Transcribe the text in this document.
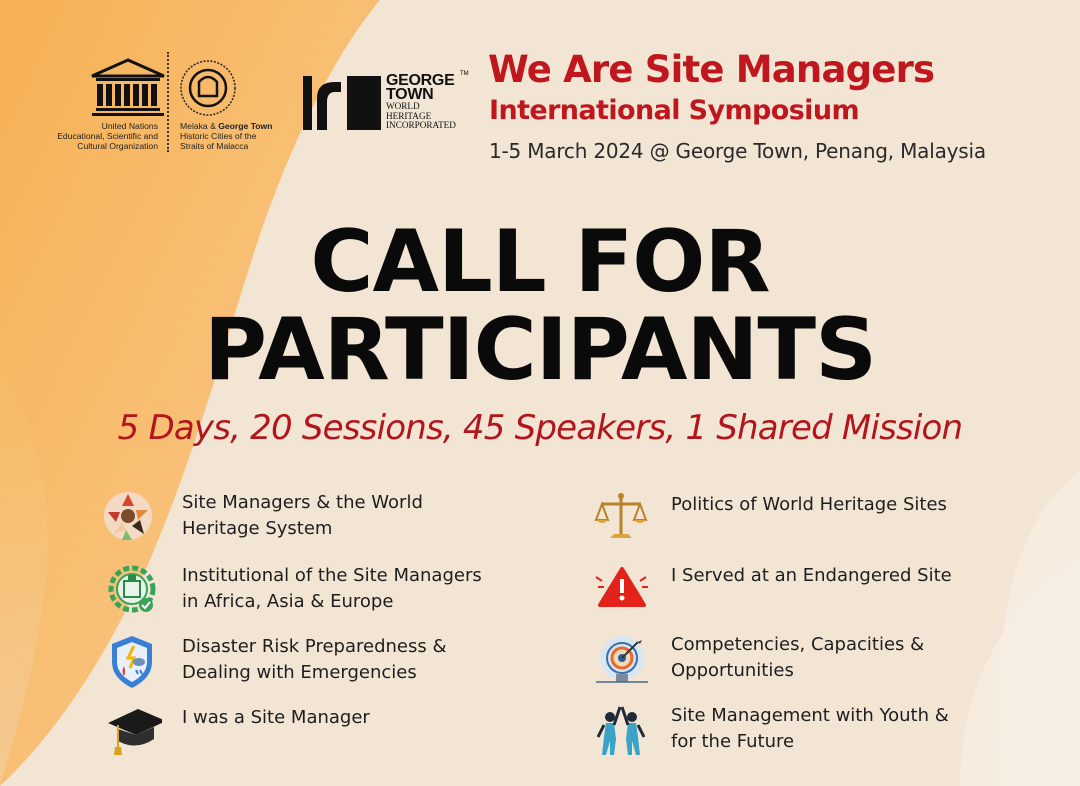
United Nations
Educational, Scientific and
Cultural Organization
Melaka & George Town
Historic Cities of the
Straits of Malacca
GEORGE
TOWN
WORLD
HERITAGE
INCORPORATED
TM We Are Site Managers
International Symposium
1-5 March 2024 @ George Town, Penang, Malaysia
CALL FOR
PARTICIPANTS
5 Days, 20 Sessions, 45 Speakers, 1 Shared Mission
Site Managers & the World
Heritage System
Institutional of the Site Managers
in Africa, Asia & Europe
Disaster Risk Preparedness &
Dealing with Emergencies
I was a Site Manager
Politics of World Heritage Sites
I Served at an Endangered Site
Competencies, Capacities &
Opportunities
Site Management with Youth &
for the Future
